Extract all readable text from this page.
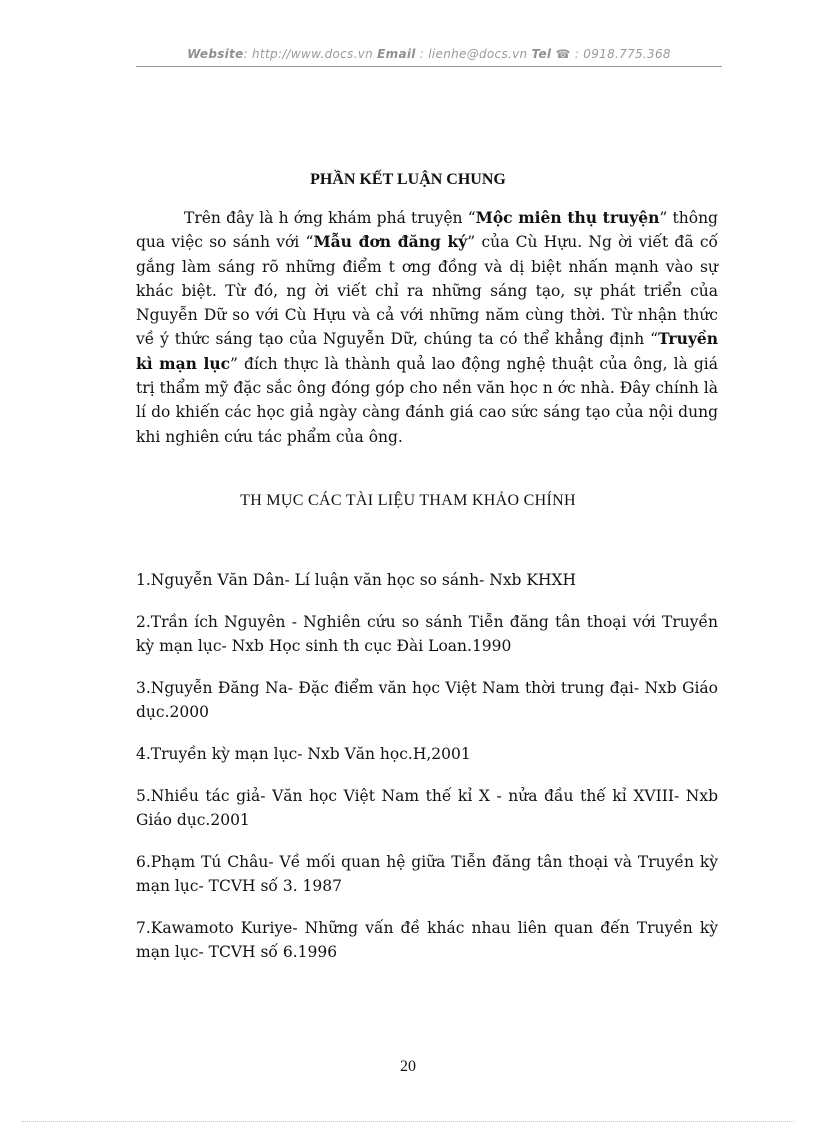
Website: http://www.docs.vn Email : lienhe@docs.vn Tel ☎ : 0918.775.368
PHẦN KẾT LUẬN CHUNG
Trên đây là h ớng khám phá truyện “Mộc miên thụ truyện” thông qua việc so sánh với “Mẫu đơn đăng ký” của Cù Hựu. Ng ời viết đã cố gắng làm sáng rõ những điểm t ơng đồng và dị biệt nhấn mạnh vào sự khác biệt. Từ đó, ng ời viết chỉ ra những sáng tạo, sự phát triển của Nguyễn Dữ so với Cù Hựu và cả với những năm cùng thời. Từ nhận thức về ý thức sáng tạo của Nguyễn Dữ, chúng ta có thể khẳng định “Truyền kì mạn lục” đích thực là thành quả lao động nghệ thuật của ông, là giá trị thẩm mỹ đặc sắc ông đóng góp cho nền văn học n ớc nhà. Đây chính là lí do khiến các học giả ngày càng đánh giá cao sức sáng tạo của nội dung khi nghiên cứu tác phẩm của ông.
TH MỤC CÁC TÀI LIỆU THAM KHẢO CHÍNH
1.Nguyễn Văn Dân- Lí luận văn học so sánh- Nxb KHXH
2.Trần ích Nguyên - Nghiên cứu so sánh Tiễn đăng tân thoại với Truyền kỳ mạn lục- Nxb Học sinh th cục Đài Loan.1990
3.Nguyễn Đăng Na- Đặc điểm văn học Việt Nam thời trung đại- Nxb Giáo dục.2000
4.Truyền kỳ mạn lục- Nxb Văn học.H,2001
5.Nhiều tác giả- Văn học Việt Nam thế kỉ X - nửa đầu thế kỉ XVIII- Nxb Giáo dục.2001
6.Phạm Tú Châu- Về mối quan hệ giữa Tiễn đăng tân thoại và Truyền kỳ mạn lục- TCVH số 3. 1987
7.Kawamoto Kuriye- Những vấn đề khác nhau liên quan đến Truyền kỳ mạn lục- TCVH số 6.1996
20
